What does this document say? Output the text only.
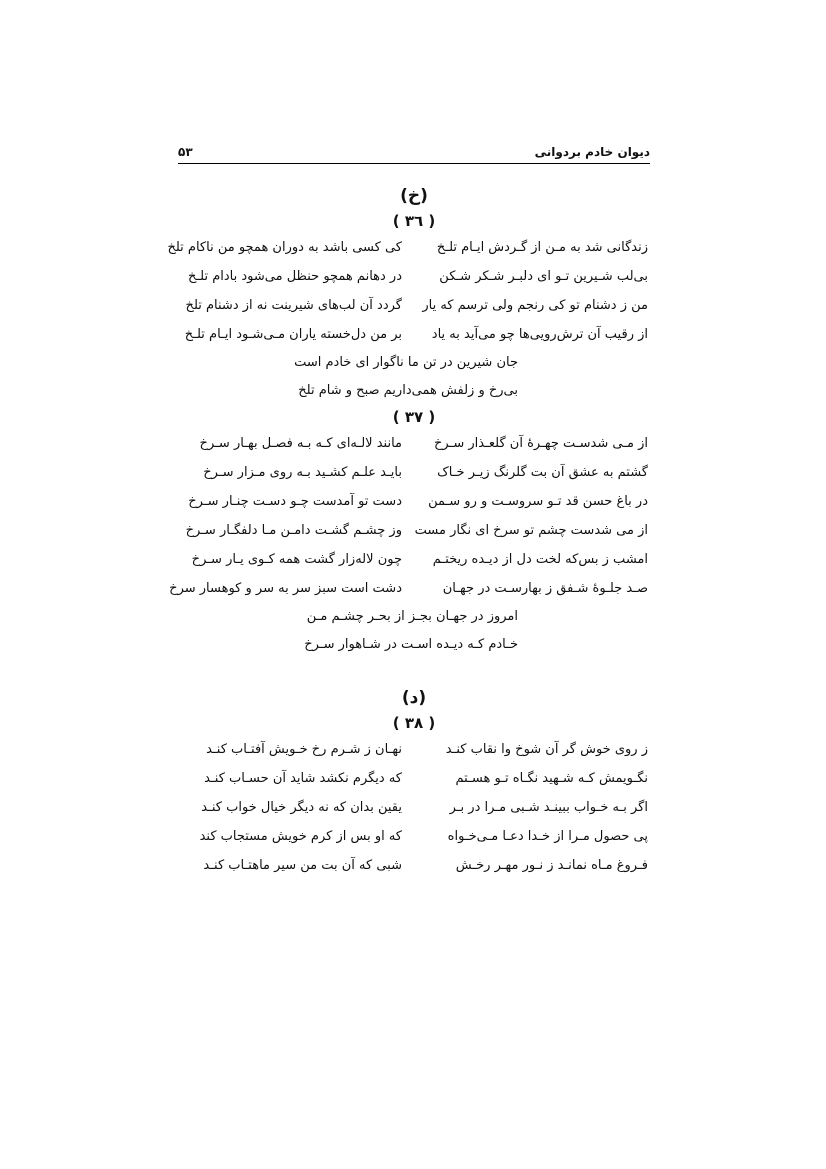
دیوان خادم بردوانی
۵۳
(خ)
( ٣٦ )
زندگانی شد به مـن از گـردش ایـام تلـخ
کی کسی باشد به دوران همچو من ناکام تلخ
بی‌لب شـیرین تـو ای دلبـر شـکر شـکن
در دهانم همچو حنظل می‌شود بادام تلـخ
من ز دشنام تو کی رنجم ولی ترسم که یار
گردد آن لب‌های شیرینت نه از دشنام تلخ
از رقیب آن ترش‌رویی‌ها چو می‌آید به یاد
بر من دل‌خسته یاران مـی‌شـود ایـام تلـخ
جان شیرین در تن ما ناگوار ای خادم است
بی‌رخ و زلفش همی‌داریم صبح و شام تلخ
( ٣٧ )
از مـی شدسـت چهـرهٔ آن گلعـذار سـرخ
مانند لالـه‌ای کـه بـه فصـل بهـار سـرخ
گشتم به عشق آن بت گلرنگ زیـر خـاک
بایـد علـم کشـید بـه روی مـزار سـرخ
در باغ حسن قد تـو سروسـت و رو سـمن
دست تو آمدست چـو دسـت چنـار سـرخ
از می شدست چشم تو سرخ ای نگار مست
وز چشـم گشـت دامـن مـا دلفگـار سـرخ
امشب ز بس‌که لخت دل از دیـده ریختـم
چون لاله‌زار گشت همه کـوی یـار سـرخ
صـد جلـوهٔ شـفق ز بهارسـت در جهـان
دشت است سبز سر به سر و کوهسار سرخ
امروز در جهـان بجـز از بحـر چشـم مـن
خـادم کـه دیـده اسـت در شـاهوار سـرخ
(د)
( ٣٨ )
ز روی خوش گر آن شوخ وا نقاب کنـد
نهـان ز شـرم رخ خـویش آفتـاب کنـد
نگـویمش کـه شـهید نگـاه تـو هسـتم
که دیگرم نکشد شاید آن حسـاب کنـد
اگر بـه خـواب ببینـد شـبی مـرا در بـر
یقین بدان که نه دیگر خیال خواب کنـد
پی حصول مـرا از خـدا دعـا مـی‌خـواه
که او بس از کرم خویش مستجاب کند
فـروغ مـاه نمانـد ز نـور مهـر رخـش
شبی که آن بت من سیر ماهتـاب کنـد
